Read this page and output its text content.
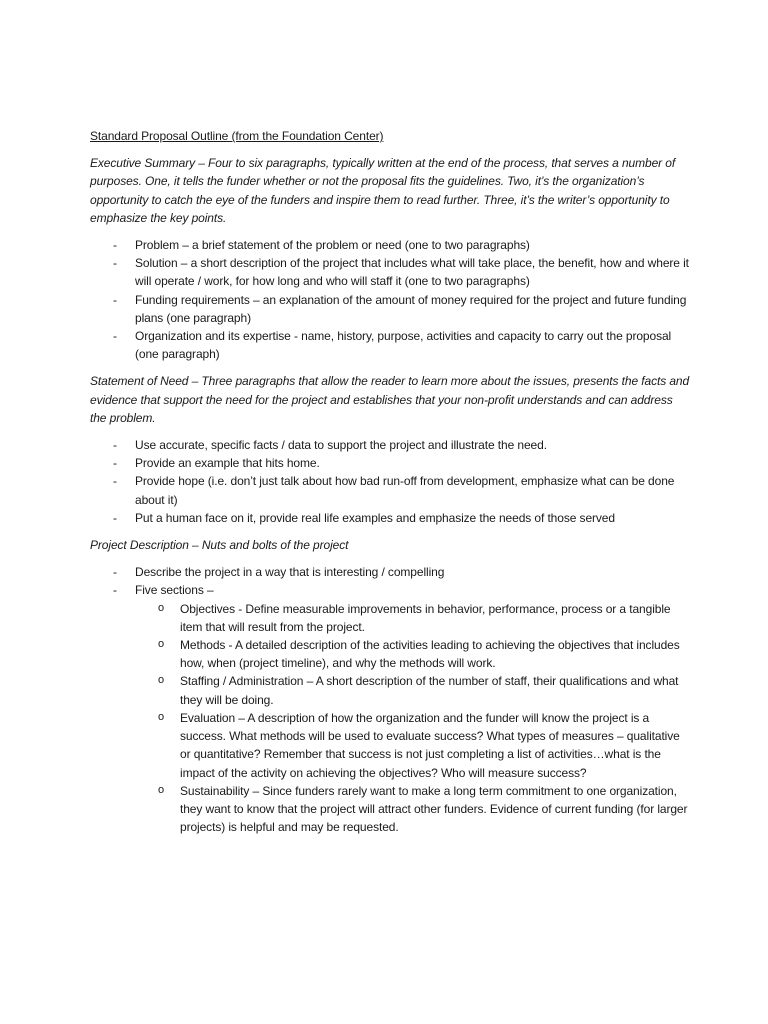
Standard Proposal Outline (from the Foundation Center)
Executive Summary – Four to six paragraphs, typically written at the end of the process, that serves a number of purposes. One, it tells the funder whether or not the proposal fits the guidelines. Two, it’s the organization’s opportunity to catch the eye of the funders and inspire them to read further. Three, it’s the writer’s opportunity to emphasize the key points.
- Problem – a brief statement of the problem or need (one to two paragraphs)
- Solution – a short description of the project that includes what will take place, the benefit, how and where it will operate / work, for how long and who will staff it (one to two paragraphs)
- Funding requirements – an explanation of the amount of money required for the project and future funding plans (one paragraph)
- Organization and its expertise - name, history, purpose, activities and capacity to carry out the proposal (one paragraph)
Statement of Need – Three paragraphs that allow the reader to learn more about the issues, presents the facts and evidence that support the need for the project and establishes that your non-profit understands and can address the problem.
- Use accurate, specific facts / data to support the project and illustrate the need.
- Provide an example that hits home.
- Provide hope (i.e. don’t just talk about how bad run-off from development, emphasize what can be done about it)
- Put a human face on it, provide real life examples and emphasize the needs of those served
Project Description – Nuts and bolts of the project
- Describe the project in a way that is interesting / compelling
- Five sections –
o Objectives - Define measurable improvements in behavior, performance, process or a tangible item that will result from the project.
o Methods - A detailed description of the activities leading to achieving the objectives that includes how, when (project timeline), and why the methods will work.
o Staffing / Administration – A short description of the number of staff, their qualifications and what they will be doing.
o Evaluation – A description of how the organization and the funder will know the project is a success. What methods will be used to evaluate success? What types of measures – qualitative or quantitative? Remember that success is not just completing a list of activities…what is the impact of the activity on achieving the objectives? Who will measure success?
o Sustainability – Since funders rarely want to make a long term commitment to one organization, they want to know that the project will attract other funders. Evidence of current funding (for larger projects) is helpful and may be requested.
